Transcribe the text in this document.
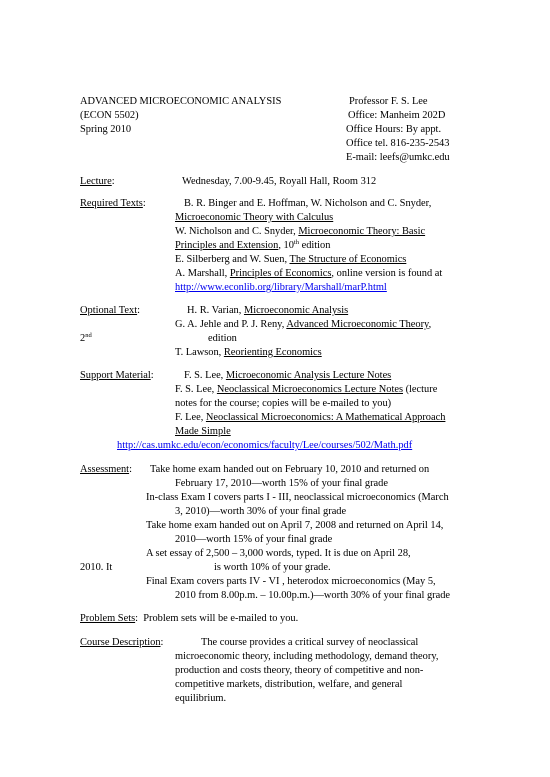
ADVANCED MICROECONOMIC ANALYSIS
(ECON 5502)
Spring 2010
Professor F. S. Lee
Office: Manheim 202D
Office Hours: By appt.
Office tel. 816-235-2543
E-mail: leefs@umkc.edu
Lecture:	Wednesday, 7.00-9.45, Royall Hall, Room 312
Required Texts:	B. R. Binger and E. Hoffman, W. Nicholson and C. Snyder,
Microeconomic Theory with Calculus
W. Nicholson and C. Snyder, Microeconomic Theory: Basic
Principles and Extension, 10th edition
E. Silberberg and W. Suen, The Structure of Economics
A. Marshall, Principles of Economics, online version is found at
http://www.econlib.org/library/Marshall/marP.html
Optional Text:	H. R. Varian, Microeconomic Analysis
G. A. Jehle and P. J. Reny, Advanced Microeconomic Theory,
2nd	edition
T. Lawson, Reorienting Economics
Support Material:	F. S. Lee, Microeconomic Analysis Lecture Notes
F. S. Lee, Neoclassical Microeconomics Lecture Notes (lecture
notes for the course; copies will be e-mailed to you)
F. Lee, Neoclassical Microeconomics: A Mathematical Approach
Made Simple
http://cas.umkc.edu/econ/economics/faculty/Lee/courses/502/Math.pdf
Assessment: Take home exam handed out on February 10, 2010 and returned on
February 17, 2010—worth 15% of your final grade
In-class Exam I covers parts I - III, neoclassical microeconomics (March
3, 2010)—worth 30% of your final grade
Take home exam handed out on April 7, 2008 and returned on April 14,
2010—worth 15% of your final grade
A set essay of 2,500 – 3,000 words, typed. It is due on April 28,
2010. It	is worth 10% of your grade.
Final Exam covers parts IV - VI , heterodox microeconomics (May 5,
2010 from 8.00p.m. – 10.00p.m.)—worth 30% of your final grade
Problem Sets:  Problem sets will be e-mailed to you.
Course Description:	The course provides a critical survey of neoclassical
microeconomic theory, including methodology, demand theory,
production and costs theory, theory of competitive and non-
competitive markets, distribution, welfare, and general
equilibrium.
